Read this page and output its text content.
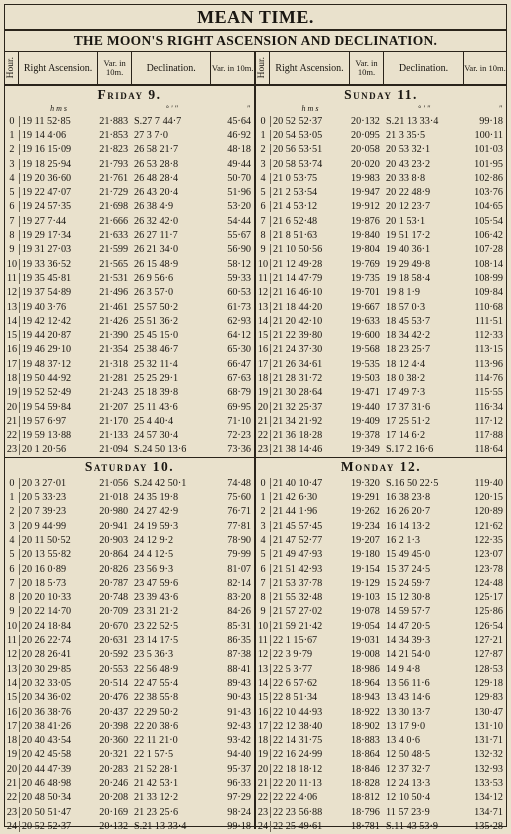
MEAN TIME.
THE MOON'S RIGHT ASCENSION AND DECLINATION.
Hour. Right Ascension.	Var. in 10m.	Declination.	Var. in 10m. Hour. Right Ascension.	Var. in 10m.	Declination.	Var. in 10m.
Friday 9.
h m s	° ' "	"
0 19 11 52·85	21·883 S.27 7 44·7	45·64
1 19 14 4·06	21·853 27 3 7·0	46·92
2 19 16 15·09	21·823 26 58 21·7	48·18
3 19 18 25·94	21·793 26 53 28·8	49·44
4 19 20 36·60	21·761 26 48 28·4	50·70
5 19 22 47·07	21·729 26 43 20·4	51·96
6 19 24 57·35	21·698 26 38 4·9	53·20
7 19 27 7·44	21·666 26 32 42·0	54·44
8 19 29 17·34	21·633 26 27 11·7	55·67
9 19 31 27·03	21·599 26 21 34·0	56·90
10 19 33 36·52	21·565 26 15 48·9	58·12
11 19 35 45·81	21·531 26 9 56·6	59·33
12 19 37 54·89	21·496 26 3 57·0	60·53
13 19 40 3·76	21·461 25 57 50·2	61·73
14 19 42 12·42	21·426 25 51 36·2	62·93
15 19 44 20·87	21·390 25 45 15·0	64·12
16 19 46 29·10	21·354 25 38 46·7	65·30
17 19 48 37·12	21·318 25 32 11·4	66·47
18 19 50 44·92	21·281 25 25 29·1	67·63
19 19 52 52·49	21·243 25 18 39·8	68·79
20 19 54 59·84	21·207 25 11 43·6	69·95
21 19 57 6·97	21·170 25 4 40·4	71·10
22 19 59 13·88	21·133 24 57 30·4	72·23
23 20 1 20·56	21·094 S.24 50 13·6	73·36
Saturday 10.
0 20 3 27·01	21·056 S.24 42 50·1	74·48
1 20 5 33·23	21·018 24 35 19·8	75·60
2 20 7 39·23	20·980 24 27 42·9	76·71
3 20 9 44·99	20·941 24 19 59·3	77·81
4 20 11 50·52	20·903 24 12 9·2	78·90
5 20 13 55·82	20·864 24 4 12·5	79·99
6 20 16 0·89	20·826 23 56 9·3	81·07
7 20 18 5·73	20·787 23 47 59·6	82·14
8 20 20 10·33	20·748 23 39 43·6	83·20
9 20 22 14·70	20·709 23 31 21·2	84·26
10 20 24 18·84	20·670 23 22 52·5	85·31
11 20 26 22·74	20·631 23 14 17·5	86·35
12 20 28 26·41	20·592 23 5 36·3	87·38
13 20 30 29·85	20·553 22 56 48·9	88·41
14 20 32 33·05	20·514 22 47 55·4	89·43
15 20 34 36·02	20·476 22 38 55·8	90·43
16 20 36 38·76	20·437 22 29 50·2	91·43
17 20 38 41·26	20·398 22 20 38·6	92·43
18 20 40 43·54	20·360 22 11 21·0	93·42
19 20 42 45·58	20·321 22 1 57·5	94·40
20 20 44 47·39	20·283 21 52 28·1	95·37
21 20 46 48·98	20·246 21 42 53·1	96·33
22 20 48 50·34	20·208 21 33 12·2	97·29
23 20 50 51·47	20·169 21 23 25·6	98·24
24 20 52 52·37	20·132 S.21 13 33·4	99·18
Sunday 11.
h m s	° ' "	"
0 20 52 52·37	20·132 S.21 13 33·4	99·18
1 20 54 53·05	20·095 21 3 35·5	100·11
2 20 56 53·51	20·058 20 53 32·1	101·03
3 20 58 53·74	20·020 20 43 23·2	101·95
4 21 0 53·75	19·983 20 33 8·8	102·86
5 21 2 53·54	19·947 20 22 48·9	103·76
6 21 4 53·12	19·912 20 12 23·7	104·65
7 21 6 52·48	19·876 20 1 53·1	105·54
8 21 8 51·63	19·840 19 51 17·2	106·42
9 21 10 50·56	19·804 19 40 36·1	107·28
10 21 12 49·28	19·769 19 29 49·8	108·14
11 21 14 47·79	19·735 19 18 58·4	108·99
12 21 16 46·10	19·701 19 8 1·9	109·84
13 21 18 44·20	19·667 18 57 0·3	110·68
14 21 20 42·10	19·633 18 45 53·7	111·51
15 21 22 39·80	19·600 18 34 42·2	112·33
16 21 24 37·30	19·568 18 23 25·7	113·15
17 21 26 34·61	19·535 18 12 4·4	113·96
18 21 28 31·72	19·503 18 0 38·2	114·76
19 21 30 28·64	19·471 17 49 7·3	115·55
20 21 32 25·37	19·440 17 37 31·6	116·34
21 21 34 21·92	19·409 17 25 51·2	117·12
22 21 36 18·28	19·378 17 14 6·2	117·88
23 21 38 14·46	19·349 S.17 2 16·6	118·64
Monday 12.
0 21 40 10·47	19·320 S.16 50 22·5	119·40
1 21 42 6·30	19·291 16 38 23·8	120·15
2 21 44 1·96	19·262 16 26 20·7	120·89
3 21 45 57·45	19·234 16 14 13·2	121·62
4 21 47 52·77	19·207 16 2 1·3	122·35
5 21 49 47·93	19·180 15 49 45·0	123·07
6 21 51 42·93	19·154 15 37 24·5	123·78
7 21 53 37·78	19·129 15 24 59·7	124·48
8 21 55 32·48	19·103 15 12 30·8	125·17
9 21 57 27·02	19·078 14 59 57·7	125·86
10 21 59 21·42	19·054 14 47 20·5	126·54
11 22 1 15·67	19·031 14 34 39·3	127·21
12 22 3 9·79	19·008 14 21 54·0	127·87
13 22 5 3·77	18·986 14 9 4·8	128·53
14 22 6 57·62	18·964 13 56 11·6	129·18
15 22 8 51·34	18·943 13 43 14·6	129·83
16 22 10 44·93	18·922 13 30 13·7	130·47
17 22 12 38·40	18·902 13 17 9·0	131·10
18 22 14 31·75	18·883 13 4 0·6	131·71
19 22 16 24·99	18·864 12 50 48·5	132·32
20 22 18 18·12	18·846 12 37 32·7	132·93
21 22 20 11·13	18·828 12 24 13·3	133·53
22 22 22 4·06	18·812 12 10 50·4	134·12
23 22 23 56·88	18·796 11 57 23·9	134·71
24 22 25 49·61	18·781 S.11 43 53·9	135·28
